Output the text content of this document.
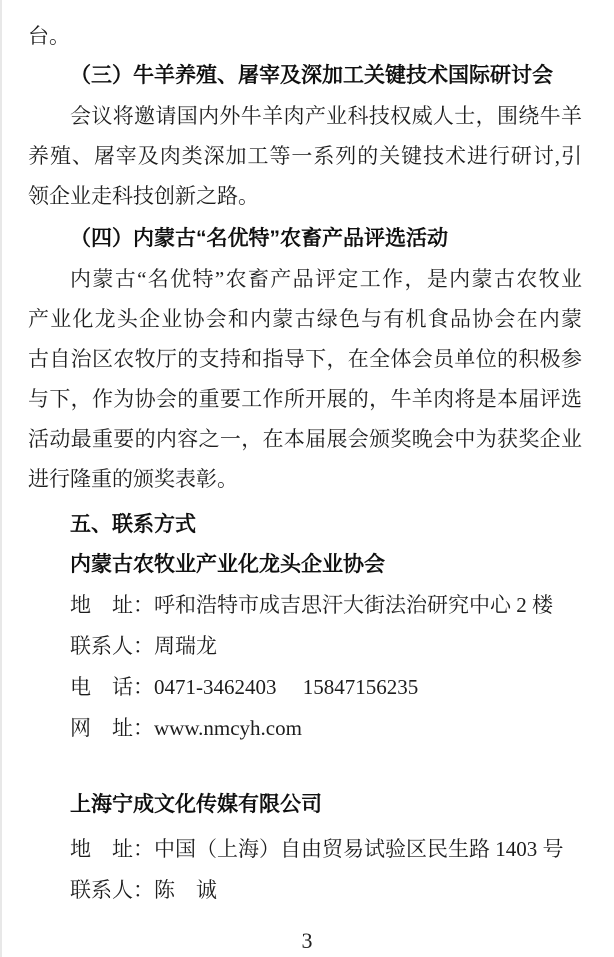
台。
（三）牛羊养殖、屠宰及深加工关键技术国际研讨会
会议将邀请国内外牛羊肉产业科技权威人士，围绕牛羊
养殖、屠宰及肉类深加工等一系列的关键技术进行研讨,引
领企业走科技创新之路。
（四）内蒙古“名优特”农畜产品评选活动
内蒙古“名优特”农畜产品评定工作，是内蒙古农牧业
产业化龙头企业协会和内蒙古绿色与有机食品协会在内蒙
古自治区农牧厅的支持和指导下，在全体会员单位的积极参
与下，作为协会的重要工作所开展的，牛羊肉将是本届评选
活动最重要的内容之一，在本届展会颁奖晚会中为获奖企业
进行隆重的颁奖表彰。
五、联系方式
内蒙古农牧业产业化龙头企业协会
地　址：呼和浩特市成吉思汗大街法治研究中心 2 楼
联系人：周瑞龙
电　话：0471-3462403　 15847156235
网　址：www.nmcyh.com
上海宁成文化传媒有限公司
地　址：中国（上海）自由贸易试验区民生路 1403 号
联系人：陈　诚
3
